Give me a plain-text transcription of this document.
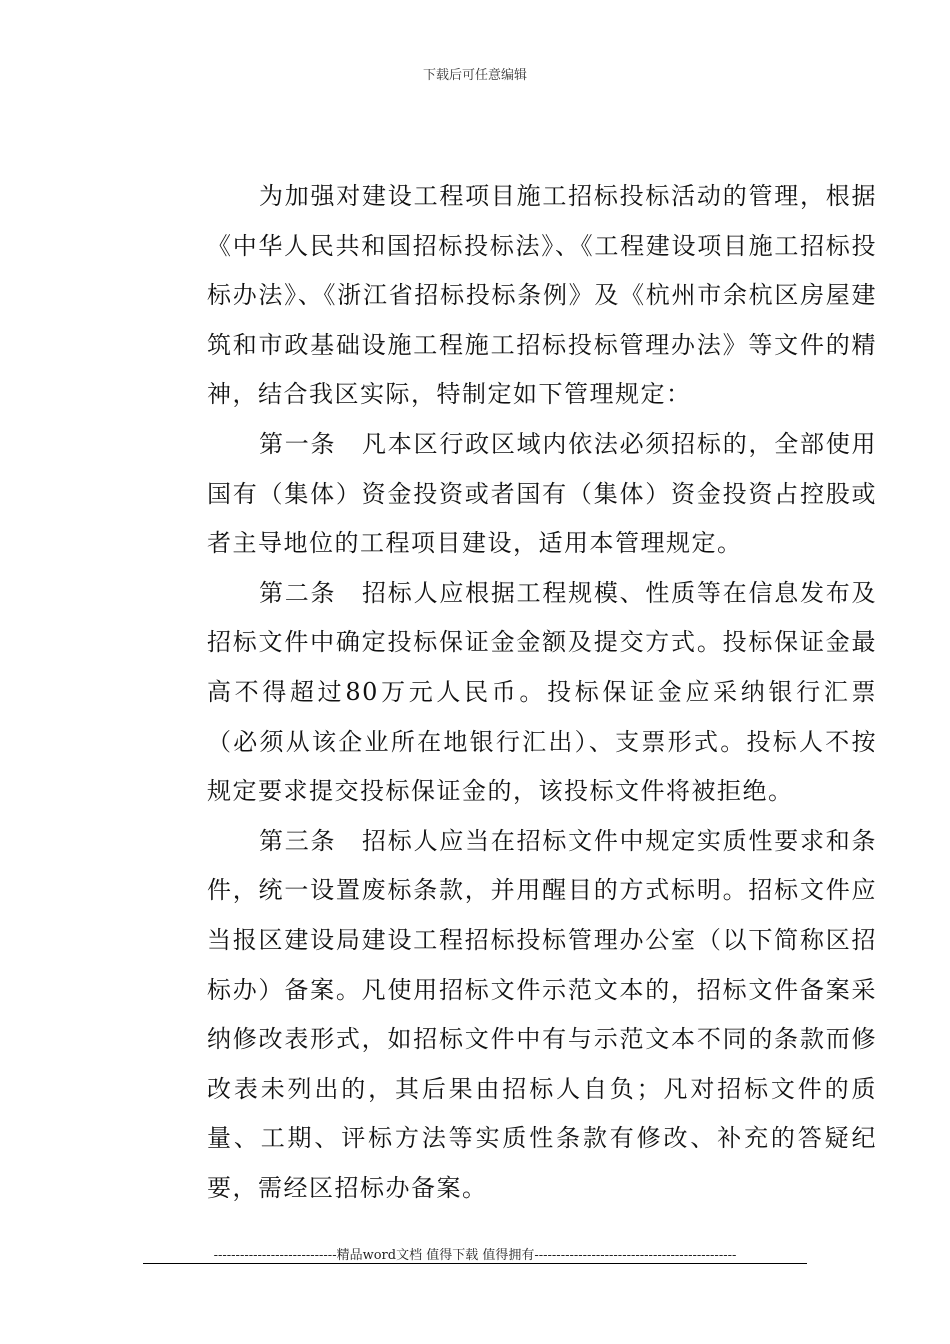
下载后可任意编辑

为加强对建设工程项目施工招标投标活动的管理，根据《中华人民共和国招标投标法》、《工程建设项目施工招标投标办法》、《浙江省招标投标条例》及《杭州市余杭区房屋建筑和市政基础设施工程施工招标投标管理办法》等文件的精神，结合我区实际，特制定如下管理规定：

第一条　凡本区行政区域内依法必须招标的，全部使用国有（集体）资金投资或者国有（集体）资金投资占控股或者主导地位的工程项目建设，适用本管理规定。

第二条　招标人应根据工程规模、性质等在信息发布及招标文件中确定投标保证金金额及提交方式。投标保证金最高不得超过80万元人民币。投标保证金应采纳银行汇票（必须从该企业所在地银行汇出）、支票形式。投标人不按规定要求提交投标保证金的，该投标文件将被拒绝。

第三条　招标人应当在招标文件中规定实质性要求和条件，统一设置废标条款，并用醒目的方式标明。招标文件应当报区建设局建设工程招标投标管理办公室（以下简称区招标办）备案。凡使用招标文件示范文本的，招标文件备案采纳修改表形式，如招标文件中有与示范文本不同的条款而修改表未列出的，其后果由招标人自负；凡对招标文件的质量、工期、评标方法等实质性条款有修改、补充的答疑纪要，需经区招标办备案。

----------------------------精品word文档 值得下载 值得拥有----------------------------------------------
